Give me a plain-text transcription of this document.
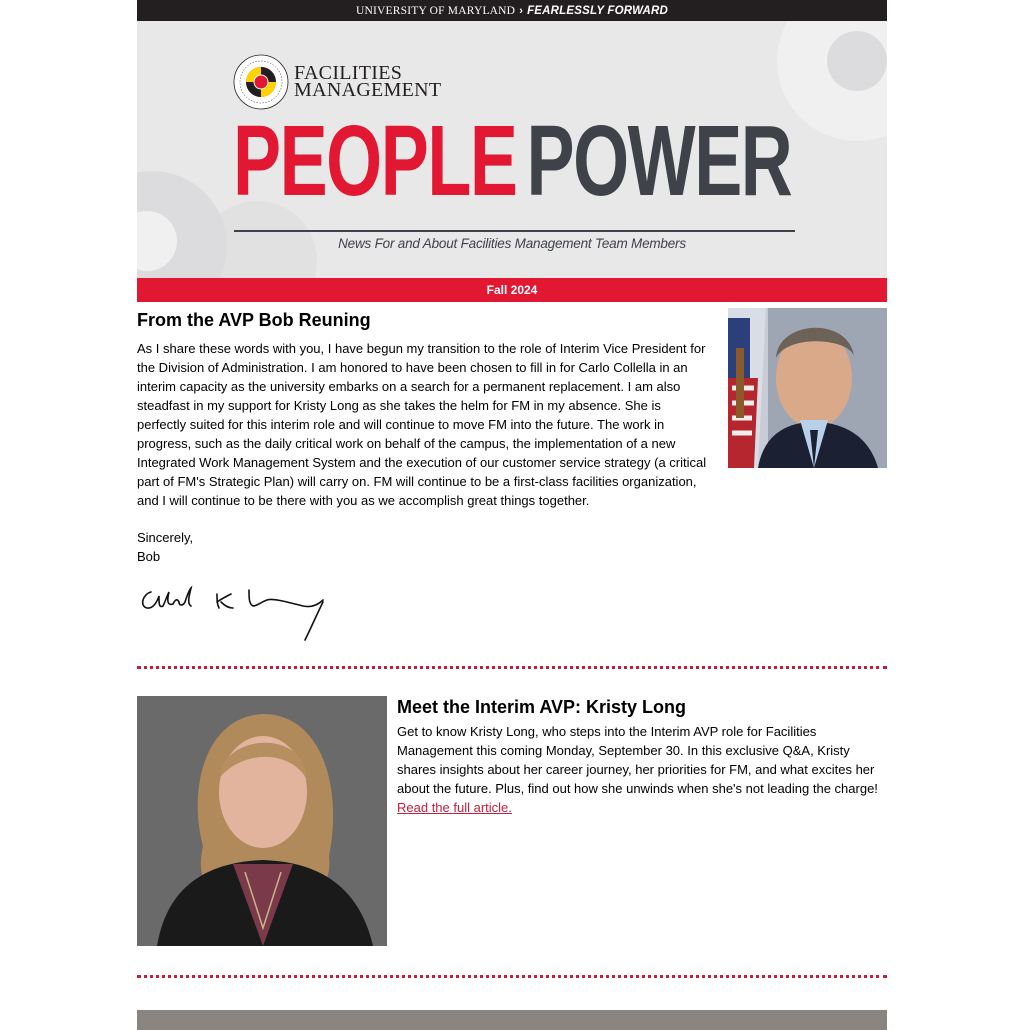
UNIVERSITY OF MARYLAND › FEARLESSLY FORWARD
FACILITIES
MANAGEMENT
PEOPLE POWER
News For and About Facilities Management Team Members
Fall 2024
From the AVP Bob Reuning
As I share these words with you, I have begun my transition to the role of Interim Vice President for the Division of Administration. I am honored to have been chosen to fill in for Carlo Collella in an interim capacity as the university embarks on a search for a permanent replacement. I am also steadfast in my support for Kristy Long as she takes the helm for FM in my absence. She is perfectly suited for this interim role and will continue to move FM into the future. The work in progress, such as the daily critical work on behalf of the campus, the implementation of a new Integrated Work Management System and the execution of our customer service strategy (a critical part of FM's Strategic Plan) will carry on. FM will continue to be a first-class facilities organization, and I will continue to be there with you as we accomplish great things together.
Sincerely,
Bob
Meet the Interim AVP: Kristy Long
Get to know Kristy Long, who steps into the Interim AVP role for Facilities Management this coming Monday, September 30. In this exclusive Q&A, Kristy shares insights about her career journey, her priorities for FM, and what excites her about the future. Plus, find out how she unwinds when she's not leading the charge! Read the full article.
